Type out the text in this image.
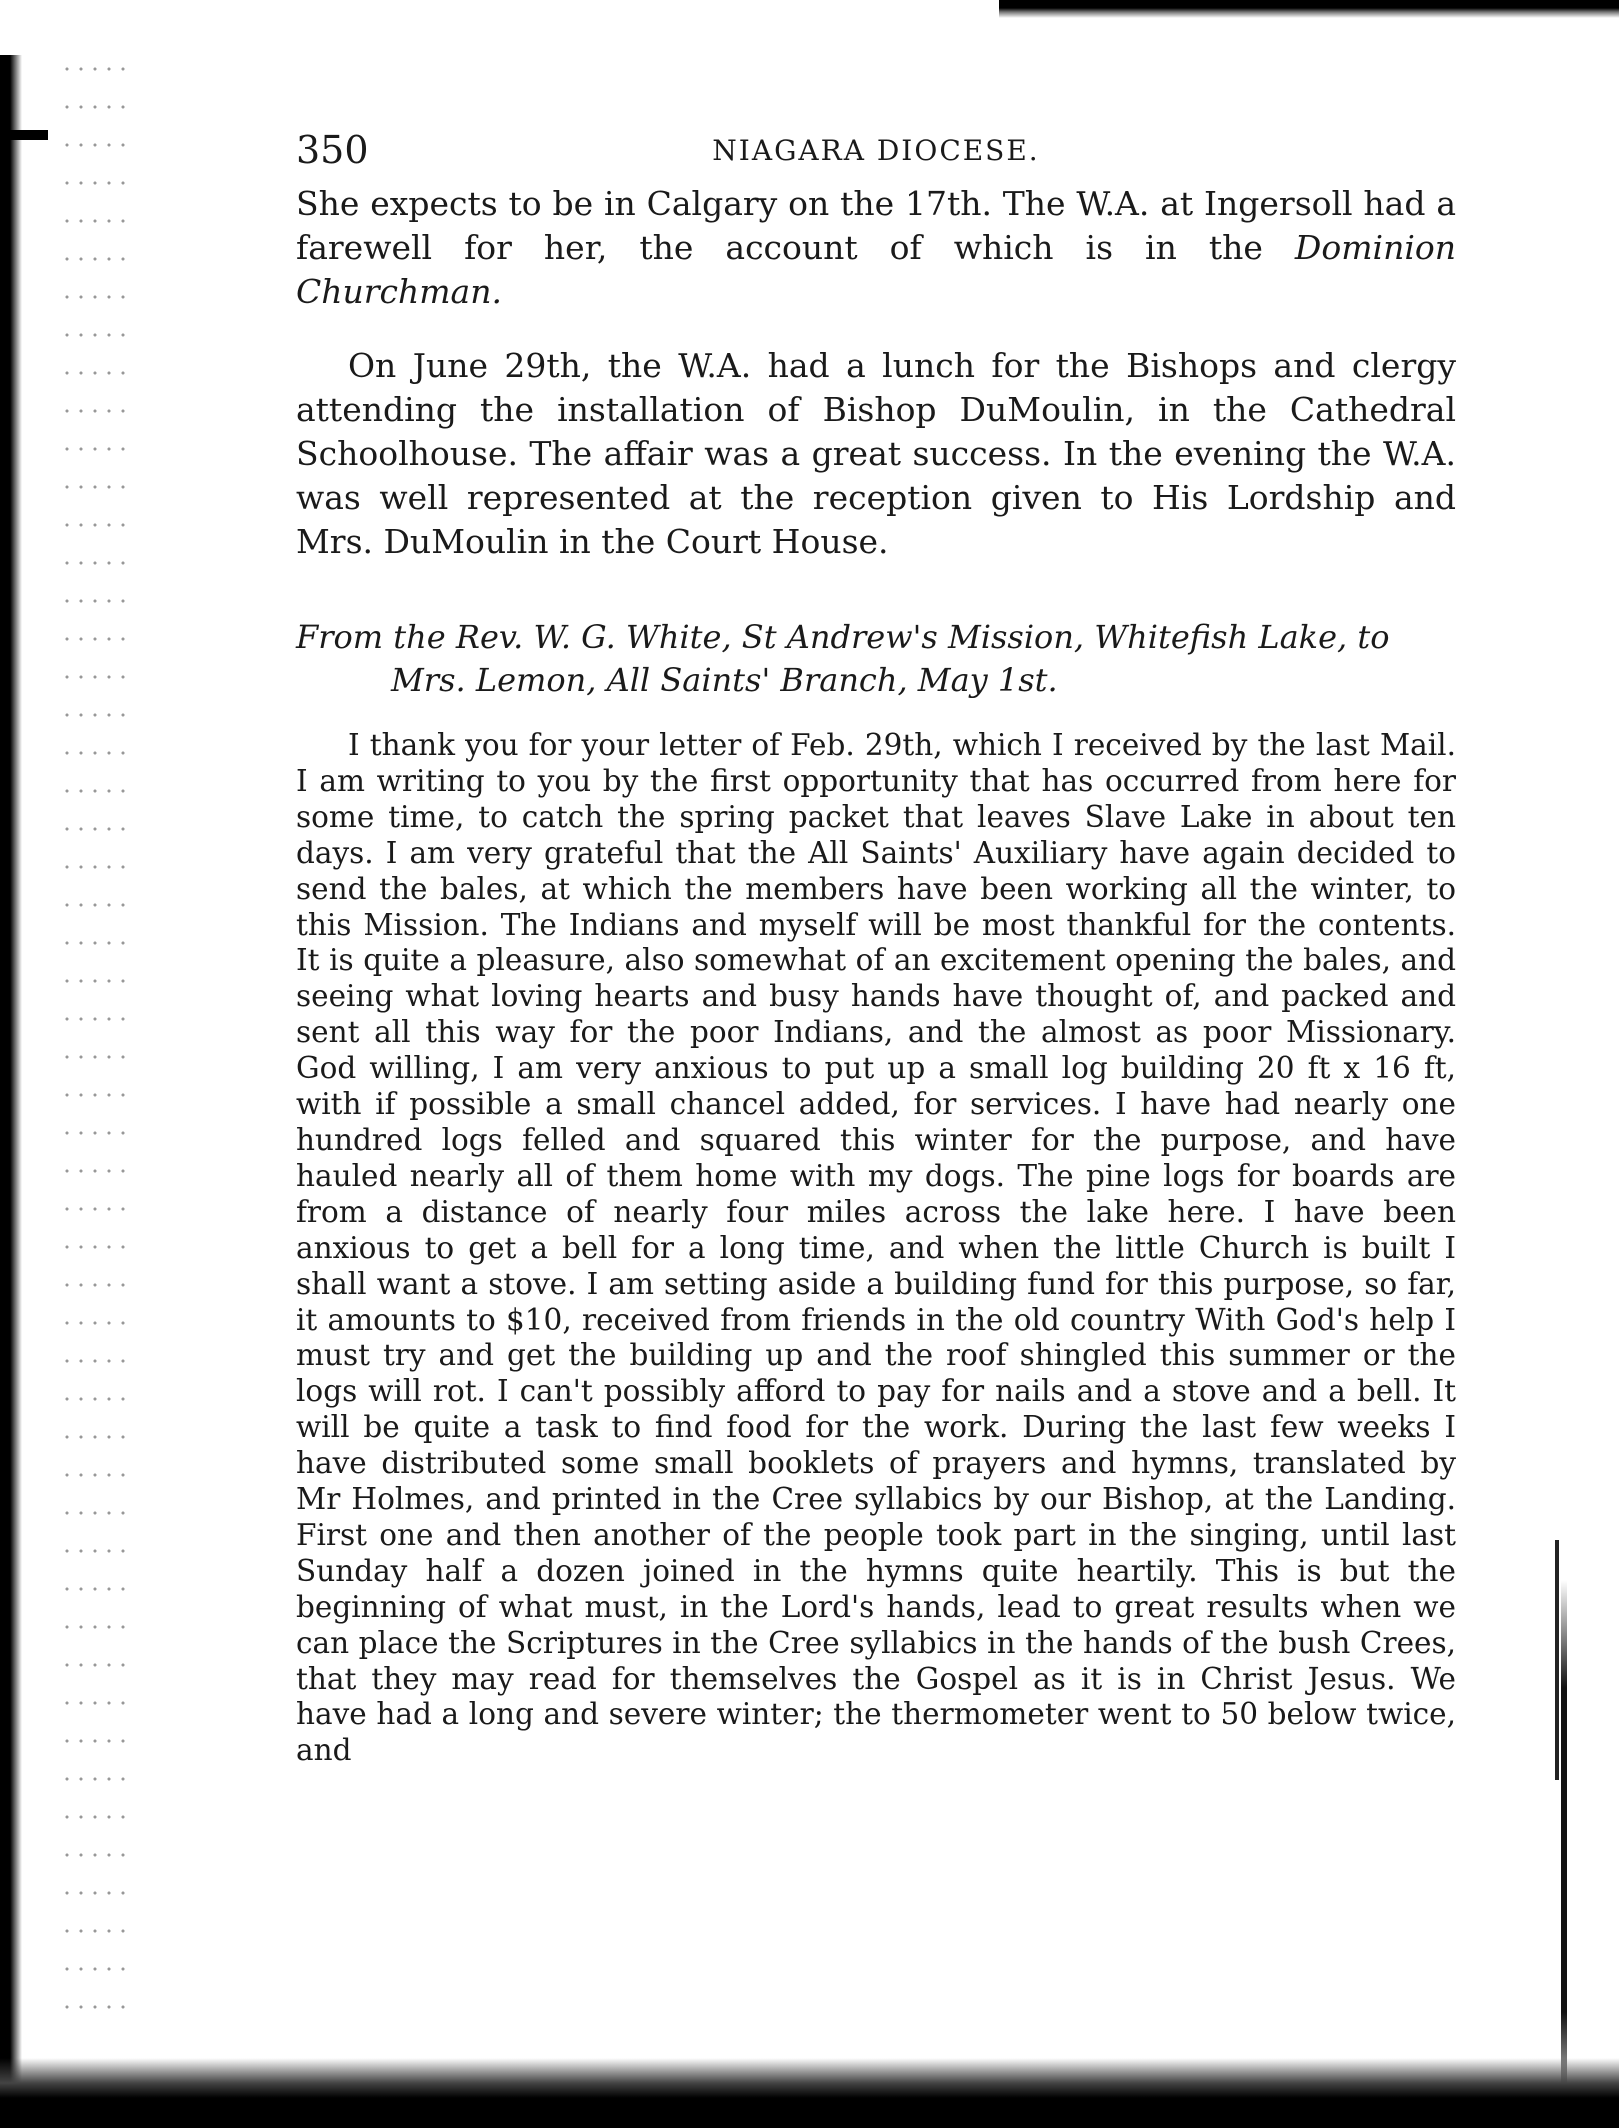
350	NIAGARA DIOCESE.

She expects to be in Calgary on the 17th. The W.A. at Ingersoll had a farewell for her, the account of which is in the Dominion Churchman.

On June 29th, the W.A. had a lunch for the Bishops and clergy attending the installation of Bishop DuMoulin, in the Cathedral Schoolhouse. The affair was a great success. In the evening the W.A. was well represented at the reception given to His Lordship and Mrs. DuMoulin in the Court House.

From the Rev. W. G. White, St Andrew's Mission, Whitefish Lake, to
Mrs. Lemon, All Saints' Branch, May 1st.

I thank you for your letter of Feb. 29th, which I received by the last Mail. I am writing to you by the first opportunity that has occurred from here for some time, to catch the spring packet that leaves Slave Lake in about ten days. I am very grateful that the All Saints' Auxiliary have again decided to send the bales, at which the members have been working all the winter, to this Mission. The Indians and myself will be most thankful for the contents. It is quite a pleasure, also somewhat of an excitement opening the bales, and seeing what loving hearts and busy hands have thought of, and packed and sent all this way for the poor Indians, and the almost as poor Missionary. God willing, I am very anxious to put up a small log building 20 ft x 16 ft, with if possible a small chancel added, for services. I have had nearly one hundred logs felled and squared this winter for the purpose, and have hauled nearly all of them home with my dogs. The pine logs for boards are from a distance of nearly four miles across the lake here. I have been anxious to get a bell for a long time, and when the little Church is built I shall want a stove. I am setting aside a building fund for this purpose, so far, it amounts to $10, received from friends in the old country With God's help I must try and get the building up and the roof shingled this summer or the logs will rot. I can't possibly afford to pay for nails and a stove and a bell. It will be quite a task to find food for the work. During the last few weeks I have distributed some small booklets of prayers and hymns, translated by Mr Holmes, and printed in the Cree syllabics by our Bishop, at the Landing. First one and then another of the people took part in the singing, until last Sunday half a dozen joined in the hymns quite heartily. This is but the beginning of what must, in the Lord's hands, lead to great results when we can place the Scriptures in the Cree syllabics in the hands of the bush Crees, that they may read for themselves the Gospel as it is in Christ Jesus. We have had a long and severe winter; the thermometer went to 50 below twice, and
